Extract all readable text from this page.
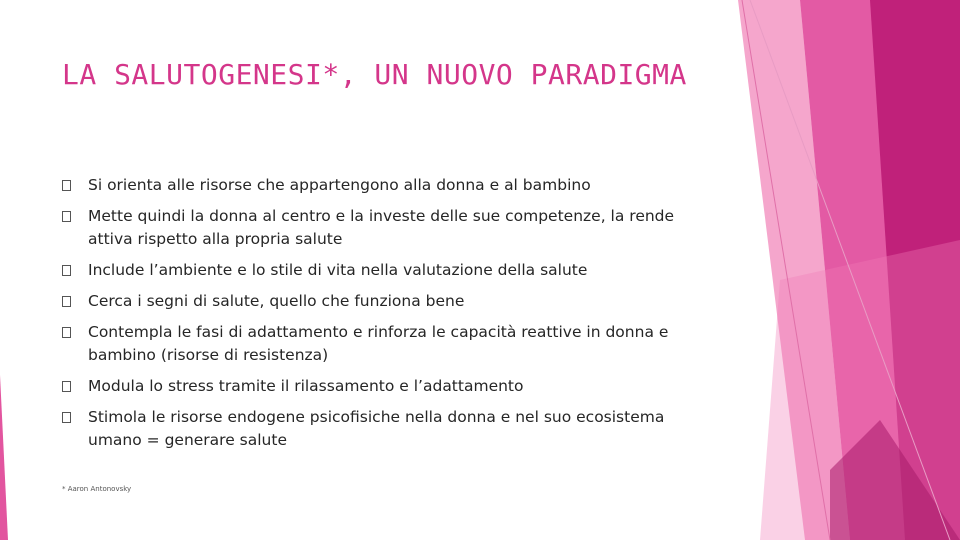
LA SALUTOGENESI*, UN NUOVO PARADIGMA
Si orienta alle risorse che appartengono alla donna e al bambino
Mette quindi la donna al centro e la investe delle sue competenze, la rende attiva rispetto alla propria salute
Include l’ambiente e lo stile di vita nella valutazione della salute
Cerca i segni di salute, quello che funziona bene
Contempla le fasi di adattamento e rinforza le capacità reattive in donna e bambino (risorse di resistenza)
Modula lo stress tramite il rilassamento e l’adattamento
Stimola le risorse endogene psicofisiche nella donna e nel suo ecosistema umano = generare salute
* Aaron Antonovsky
